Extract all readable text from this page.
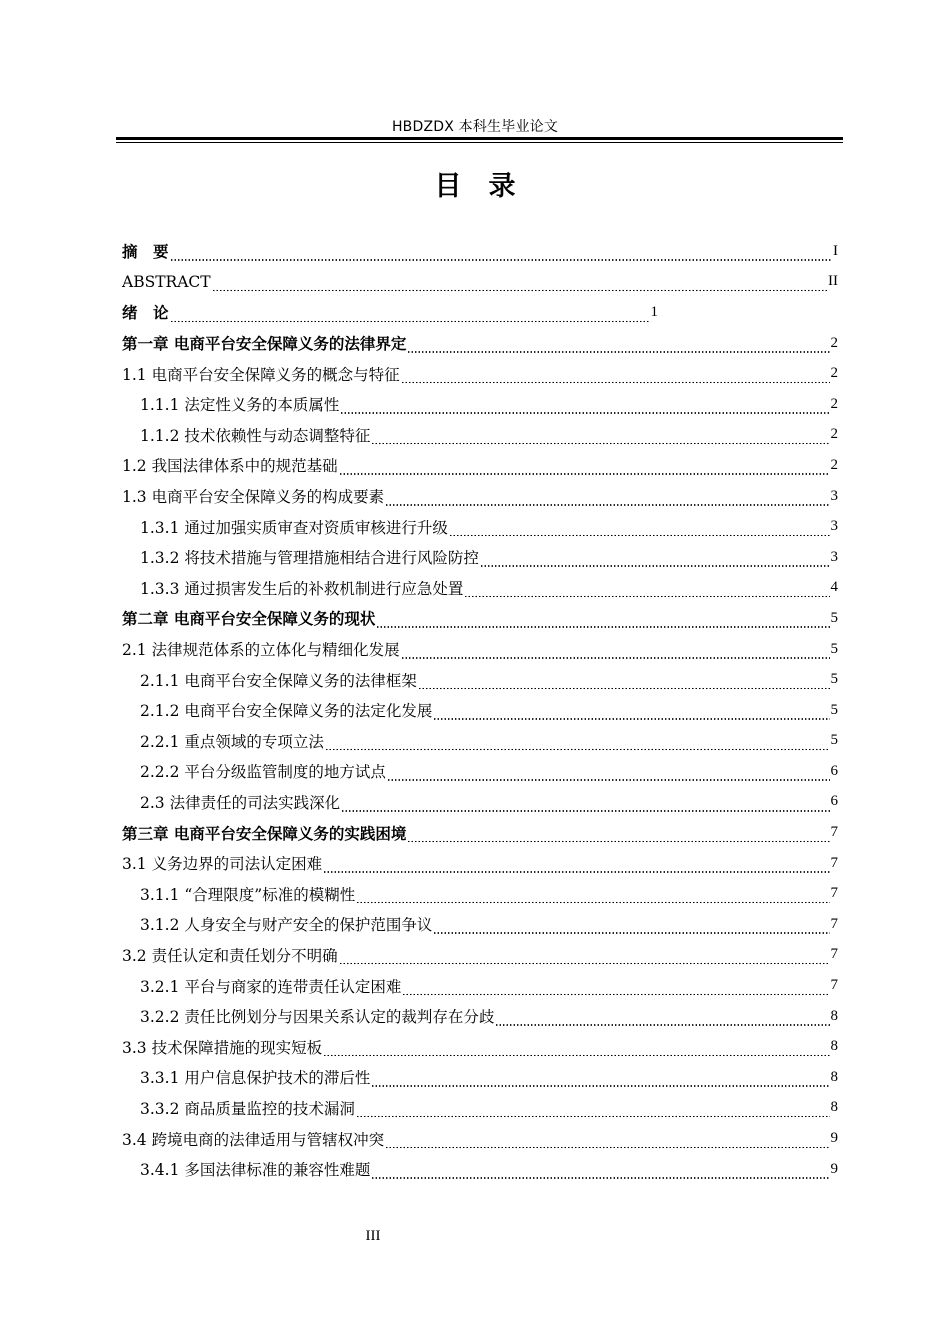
HBDZDX 本科生毕业论文
目　录
摘　要	I
ABSTRACT	II
绪　论	1
第一章 电商平台安全保障义务的法律界定	2
1.1 电商平台安全保障义务的概念与特征	2
1.1.1 法定性义务的本质属性	2
1.1.2 技术依赖性与动态调整特征	2
1.2 我国法律体系中的规范基础	2
1.3 电商平台安全保障义务的构成要素	3
1.3.1 通过加强实质审查对资质审核进行升级	3
1.3.2 将技术措施与管理措施相结合进行风险防控	3
1.3.3 通过损害发生后的补救机制进行应急处置	4
第二章 电商平台安全保障义务的现状	5
2.1 法律规范体系的立体化与精细化发展	5
2.1.1 电商平台安全保障义务的法律框架	5
2.1.2 电商平台安全保障义务的法定化发展	5
2.2.1 重点领域的专项立法	5
2.2.2 平台分级监管制度的地方试点	6
2.3 法律责任的司法实践深化	6
第三章 电商平台安全保障义务的实践困境	7
3.1 义务边界的司法认定困难	7
3.1.1 “合理限度”标准的模糊性	7
3.1.2 人身安全与财产安全的保护范围争议	7
3.2 责任认定和责任划分不明确	7
3.2.1 平台与商家的连带责任认定困难	7
3.2.2 责任比例划分与因果关系认定的裁判存在分歧	8
3.3 技术保障措施的现实短板	8
3.3.1 用户信息保护技术的滞后性	8
3.3.2 商品质量监控的技术漏洞	8
3.4 跨境电商的法律适用与管辖权冲突	9
3.4.1 多国法律标准的兼容性难题	9
III
